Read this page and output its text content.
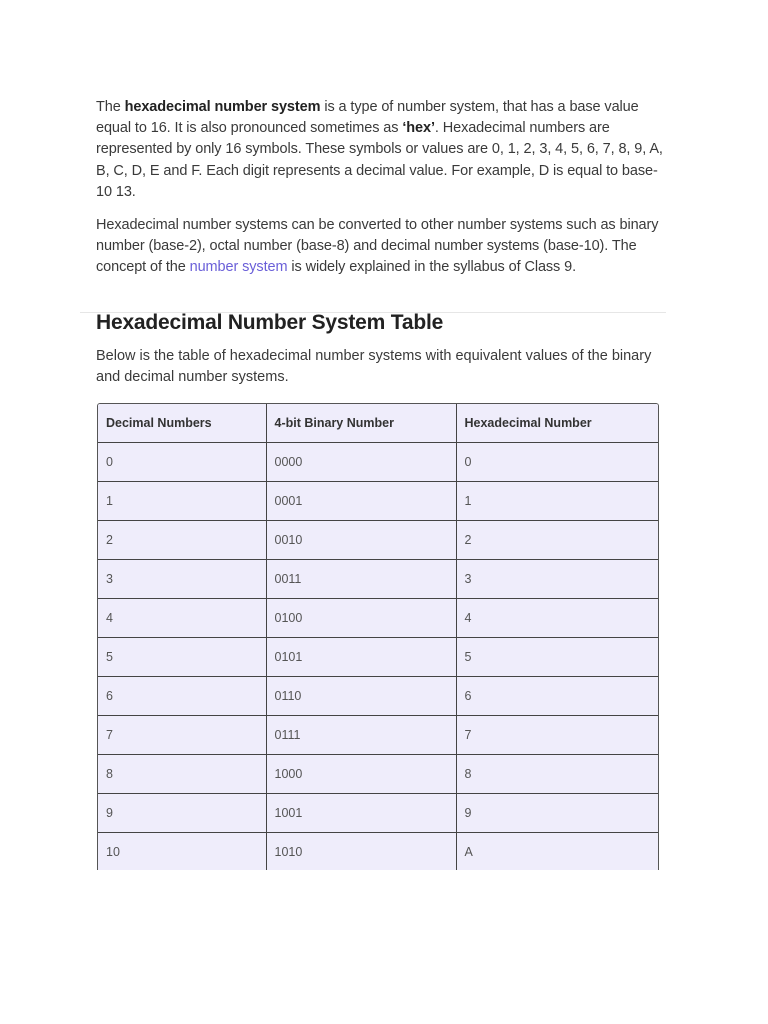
The hexadecimal number system is a type of number system, that has a base value equal to 16. It is also pronounced sometimes as ‘hex’. Hexadecimal numbers are represented by only 16 symbols. These symbols or values are 0, 1, 2, 3, 4, 5, 6, 7, 8, 9, A, B, C, D, E and F. Each digit represents a decimal value. For example, D is equal to base-10 13.

Hexadecimal number systems can be converted to other number systems such as binary number (base-2), octal number (base-8) and decimal number systems (base-10). The concept of the number system is widely explained in the syllabus of Class 9.

Hexadecimal Number System Table

Below is the table of hexadecimal number systems with equivalent values of the binary and decimal number systems.

Decimal Numbers	4-bit Binary Number	Hexadecimal Number
0	0000	0
1	0001	1
2	0010	2
3	0011	3
4	0100	4
5	0101	5
6	0110	6
7	0111	7
8	1000	8
9	1001	9
10	1010	A
